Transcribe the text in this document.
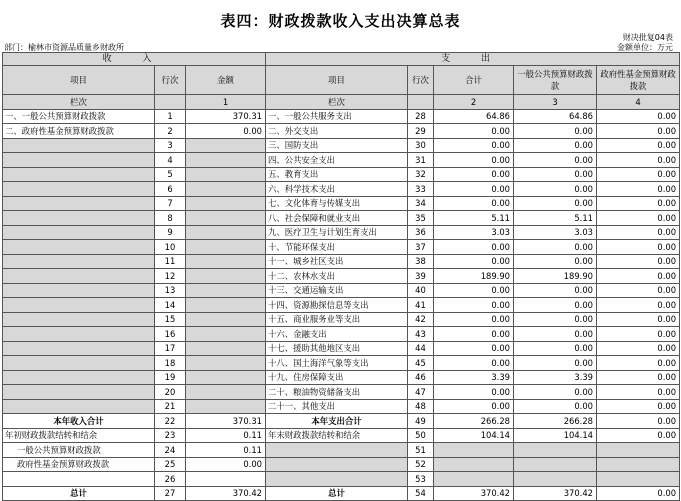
表四：财政拨款收入支出决算总表
财决批复04表
部门：榆林市资源品质量乡财政所	金额单位：万元
收 入			支 出				
项目	行次	金额	项目	行次	合计	一般公共预算财政拨款	政府性基金预算财政拨款
栏次		1	栏次		2	3	4
一、一般公共预算财政拨款	1	370.31	一、一般公共服务支出	28	64.86	64.86	0.00
二、政府性基金预算财政拨款	2	0.00	二、外交支出	29	0.00	0.00	0.00
	3		三、国防支出	30	0.00	0.00	0.00
	4		四、公共安全支出	31	0.00	0.00	0.00
	5		五、教育支出	32	0.00	0.00	0.00
	6		六、科学技术支出	33	0.00	0.00	0.00
	7		七、文化体育与传媒支出	34	0.00	0.00	0.00
	8		八、社会保障和就业支出	35	5.11	5.11	0.00
	9		九、医疗卫生与计划生育支出	36	3.03	3.03	0.00
	10		十、节能环保支出	37	0.00	0.00	0.00
	11		十一、城乡社区支出	38	0.00	0.00	0.00
	12		十二、农林水支出	39	189.90	189.90	0.00
	13		十三、交通运输支出	40	0.00	0.00	0.00
	14		十四、资源勘探信息等支出	41	0.00	0.00	0.00
	15		十五、商业服务业等支出	42	0.00	0.00	0.00
	16		十六、金融支出	43	0.00	0.00	0.00
	17		十七、援助其他地区支出	44	0.00	0.00	0.00
	18		十八、国土海洋气象等支出	45	0.00	0.00	0.00
	19		十九、住房保障支出	46	3.39	3.39	0.00
	20		二十、粮油物资储备支出	47	0.00	0.00	0.00
	21		二十一、其他支出	48	0.00	0.00	0.00
本年收入合计	22	370.31	本年支出合计	49	266.28	266.28	0.00
年初财政拨款结转和结余	23	0.11	年末财政拨款结转和结余	50	104.14	104.14	0.00
一般公共预算财政拨款	24	0.11		51			
政府性基金预算财政拨款	25	0.00		52			
	26			53			
总计	27	370.42	总计	54	370.42	370.42	0.00
